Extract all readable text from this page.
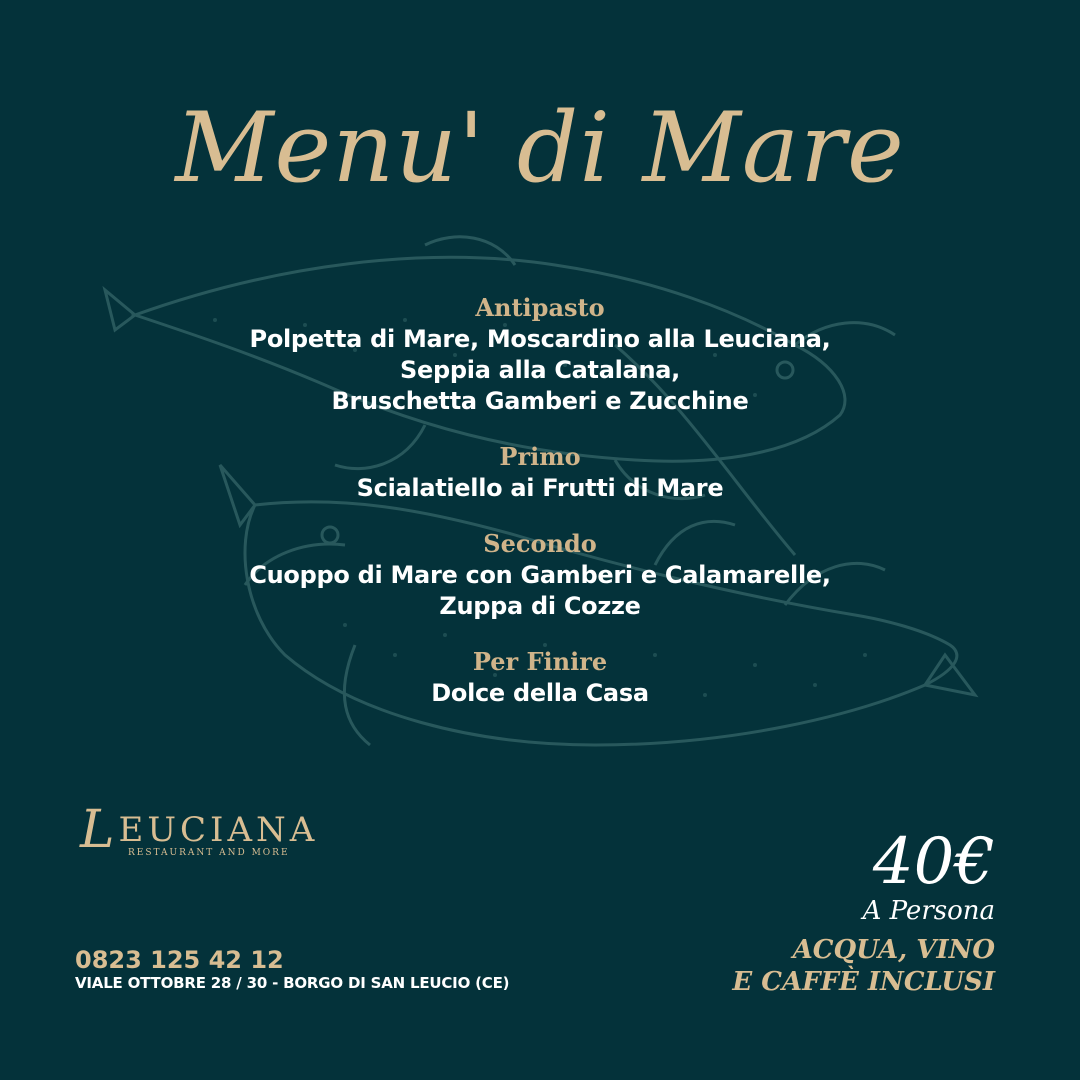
Menu' di Mare
Antipasto
Polpetta di Mare, Moscardino alla Leuciana,
Seppia alla Catalana,
Bruschetta Gamberi e Zucchine
Primo
Scialatiello ai Frutti di Mare
Secondo
Cuoppo di Mare con Gamberi e Calamarelle,
Zuppa di Cozze
Per Finire
Dolce della Casa
LEUCIANA
RESTAURANT AND MORE
0823 125 42 12
VIALE OTTOBRE 28 / 30 - BORGO DI SAN LEUCIO (CE)
40€
A Persona
ACQUA, VINO
E CAFFÈ INCLUSI
